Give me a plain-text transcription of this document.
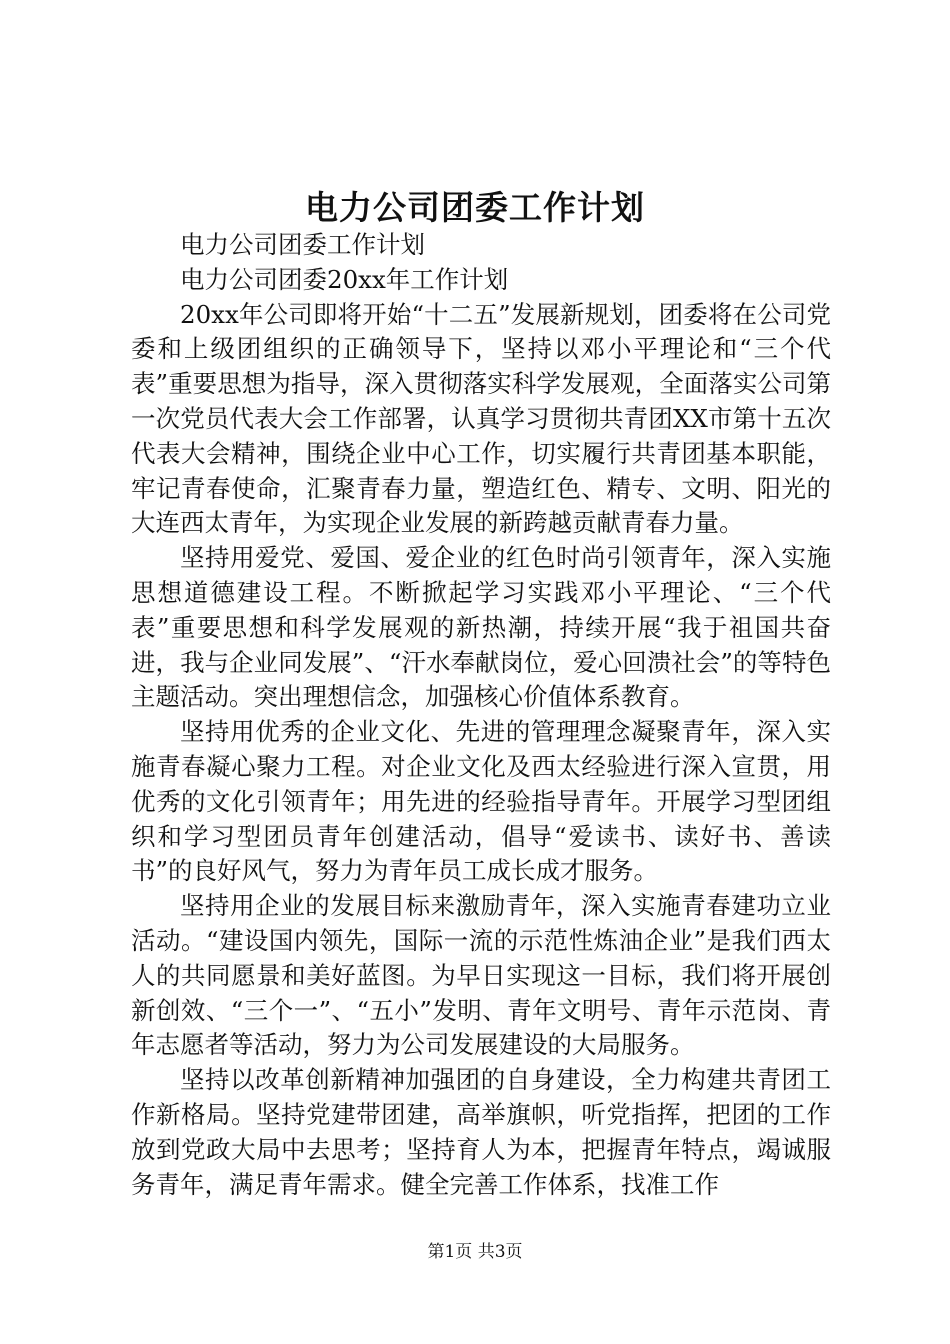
电力公司团委工作计划

电力公司团委工作计划

电力公司团委20xx年工作计划

20xx年公司即将开始“十二五”发展新规划，团委将在公司党委和上级团组织的正确领导下，坚持以邓小平理论和“三个代表”重要思想为指导，深入贯彻落实科学发展观，全面落实公司第一次党员代表大会工作部署，认真学习贯彻共青团XX市第十五次代表大会精神，围绕企业中心工作，切实履行共青团基本职能，牢记青春使命，汇聚青春力量，塑造红色、精专、文明、阳光的大连西太青年，为实现企业发展的新跨越贡献青春力量。

坚持用爱党、爱国、爱企业的红色时尚引领青年，深入实施思想道德建设工程。不断掀起学习实践邓小平理论、“三个代表”重要思想和科学发展观的新热潮，持续开展“我于祖国共奋进，我与企业同发展”、“汗水奉献岗位，爱心回溃社会”的等特色主题活动。突出理想信念，加强核心价值体系教育。

坚持用优秀的企业文化、先进的管理理念凝聚青年，深入实施青春凝心聚力工程。对企业文化及西太经验进行深入宣贯，用优秀的文化引领青年；用先进的经验指导青年。开展学习型团组织和学习型团员青年创建活动，倡导“爱读书、读好书、善读书”的良好风气，努力为青年员工成长成才服务。

坚持用企业的发展目标来激励青年，深入实施青春建功立业活动。“建设国内领先，国际一流的示范性炼油企业”是我们西太人的共同愿景和美好蓝图。为早日实现这一目标，我们将开展创新创效、“三个一”、“五小”发明、青年文明号、青年示范岗、青年志愿者等活动，努力为公司发展建设的大局服务。

坚持以改革创新精神加强团的自身建设，全力构建共青团工作新格局。坚持党建带团建，高举旗帜，听党指挥，把团的工作放到党政大局中去思考；坚持育人为本，把握青年特点，竭诚服务青年，满足青年需求。健全完善工作体系，找准工作

第1页 共3页
